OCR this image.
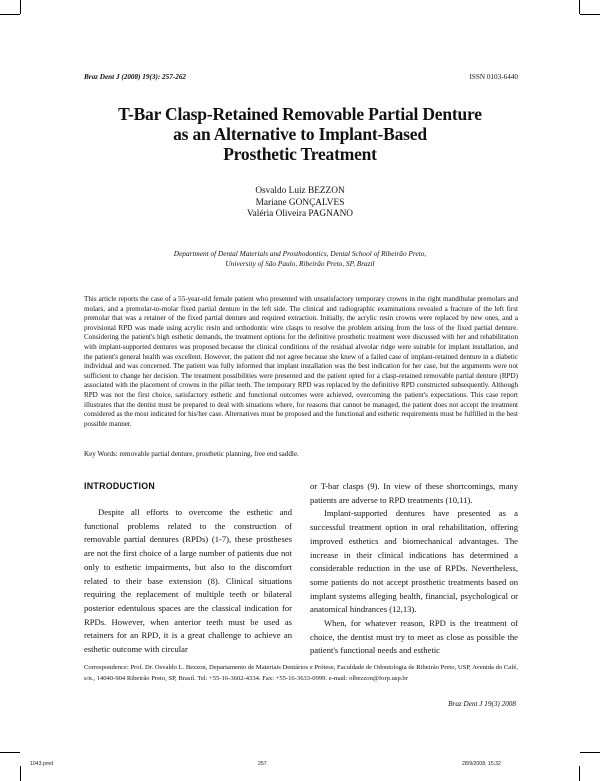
Braz Dent J (2008) 19(3): 257-262	ISSN 0103-6440
T-Bar Clasp-Retained Removable Partial Denture
as an Alternative to Implant-Based
Prosthetic Treatment
Osvaldo Luiz BEZZON
Mariane GONÇALVES
Valéria Oliveira PAGNANO
Department of Dental Materials and Prosthodontics, Dental School of Ribeirão Preto,
University of São Paulo, Ribeirão Preto, SP, Brazil
This article reports the case of a 55-year-old female patient who presented with unsatisfactory temporary crowns in the right mandibular premolars and molars, and a premolar-to-molar fixed partial denture in the left side. The clinical and radiographic examinations revealed a fracture of the left first premolar that was a retainer of the fixed partial denture and required extraction. Initially, the acrylic resin crowns were replaced by new ones, and a provisional RPD was made using acrylic resin and orthodontic wire clasps to resolve the problem arising from the loss of the fixed partial denture. Considering the patient's high esthetic demands, the treatment options for the definitive prosthetic treatment were discussed with her and rehabilitation with implant-supported dentures was proposed because the clinical conditions of the residual alveolar ridge were suitable for implant installation, and the patient's general health was excellent. However, the patient did not agree because she knew of a failed case of implant-retained denture in a diabetic individual and was concerned. The patient was fully informed that implant installation was the best indication for her case, but the arguments were not sufficient to change her decision. The treatment possibilities were presented and the patient opted for a clasp-retained removable partial denture (RPD) associated with the placement of crowns in the pillar teeth. The temporary RPD was replaced by the definitive RPD constructed subsequently. Although RPD was not the first choice, satisfactory esthetic and functional outcomes were achieved, overcoming the patient's expectations. This case report illustrates that the dentist must be prepared to deal with situations where, for reasons that cannot be managed, the patient does not accept the treatment considered as the most indicated for his/her case. Alternatives must be proposed and the functional and esthetic requirements must be fulfilled in the best possible manner.
Key Words: removable partial denture, prosthetic planning, free end saddle.
INTRODUCTION

Despite all efforts to overcome the esthetic and functional problems related to the construction of removable partial dentures (RPDs) (1-7), these prostheses are not the first choice of a large number of patients due not only to esthetic impairments, but also to the discomfort related to their base extension (8). Clinical situations requiring the replacement of multiple teeth or bilateral posterior edentulous spaces are the classical indication for RPDs. However, when anterior teeth must be used as retainers for an RPD, it is a great challenge to achieve an esthetic outcome with circular

or T-bar clasps (9). In view of these shortcomings, many patients are adverse to RPD treatments (10,11).

Implant-supported dentures have presented as a successful treatment option in oral rehabilitation, offering improved esthetics and biomechanical advantages. The increase in their clinical indications has determined a considerable reduction in the use of RPDs. Nevertheless, some patients do not accept prosthetic treatments based on implant systems alleging health, financial, psychological or anatomical hindrances (12,13).

When, for whatever reason, RPD is the treatment of choice, the dentist must try to meet as close as possible the patient's functional needs and esthetic

Correspondence: Prof. Dr. Osvaldo L. Bezzon, Departamento de Materiais Dentários e Prótese, Faculdade de Odontologia de Ribeirão Preto, USP, Avenida do Café, s/n., 14040-904 Ribeirão Preto, SP, Brasil. Tel: +55-16-3602-4334. Fax: +55-16-3633-0999. e-mail: olbezzon@forp.usp.br
Braz Dent J 19(3) 2008
1043.pmd	257	28/9/2008, 15:32
